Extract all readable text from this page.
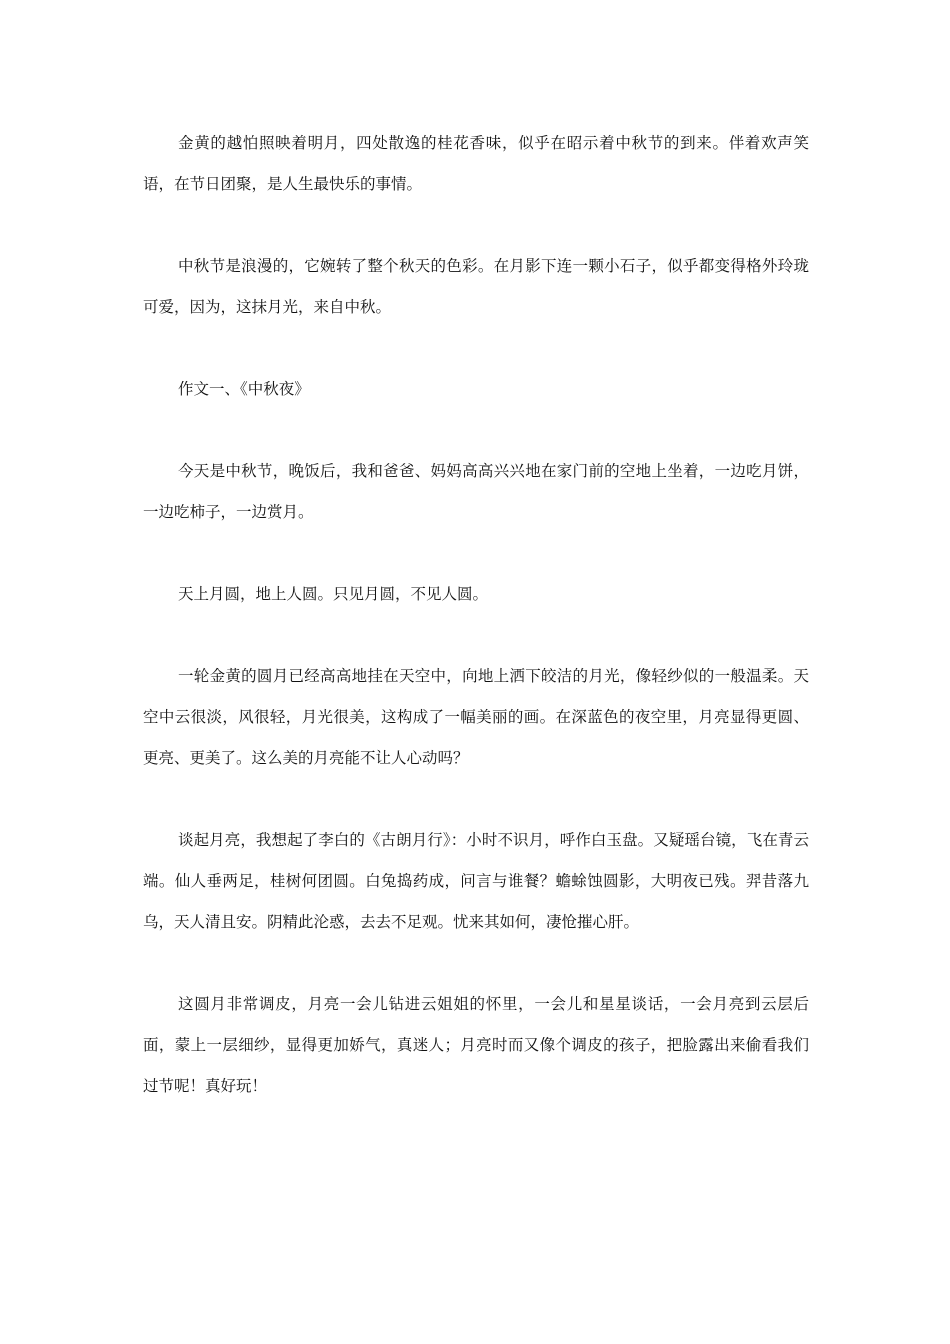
金黄的越怕照映着明月，四处散逸的桂花香味，似乎在昭示着中秋节的到来。伴着欢声笑语，在节日团聚，是人生最快乐的事情。

中秋节是浪漫的，它婉转了整个秋天的色彩。在月影下连一颗小石子，似乎都变得格外玲珑可爱，因为，这抹月光，来自中秋。

作文一、《中秋夜》

今天是中秋节，晚饭后，我和爸爸、妈妈高高兴兴地在家门前的空地上坐着，一边吃月饼，一边吃柿子，一边赏月。

天上月圆，地上人圆。只见月圆，不见人圆。

一轮金黄的圆月已经高高地挂在天空中，向地上洒下皎洁的月光，像轻纱似的一般温柔。天空中云很淡，风很轻，月光很美，这构成了一幅美丽的画。在深蓝色的夜空里，月亮显得更圆、更亮、更美了。这么美的月亮能不让人心动吗？

谈起月亮，我想起了李白的《古朗月行》：小时不识月，呼作白玉盘。又疑瑶台镜，飞在青云端。仙人垂两足，桂树何团圆。白兔捣药成，问言与谁餐？蟾蜍蚀圆影，大明夜已残。羿昔落九乌，天人清且安。阴精此沦惑，去去不足观。忧来其如何，凄怆摧心肝。

这圆月非常调皮，月亮一会儿钻进云姐姐的怀里，一会儿和星星谈话，一会月亮到云层后面，蒙上一层细纱，显得更加娇气，真迷人；月亮时而又像个调皮的孩子，把脸露出来偷看我们过节呢！真好玩！
